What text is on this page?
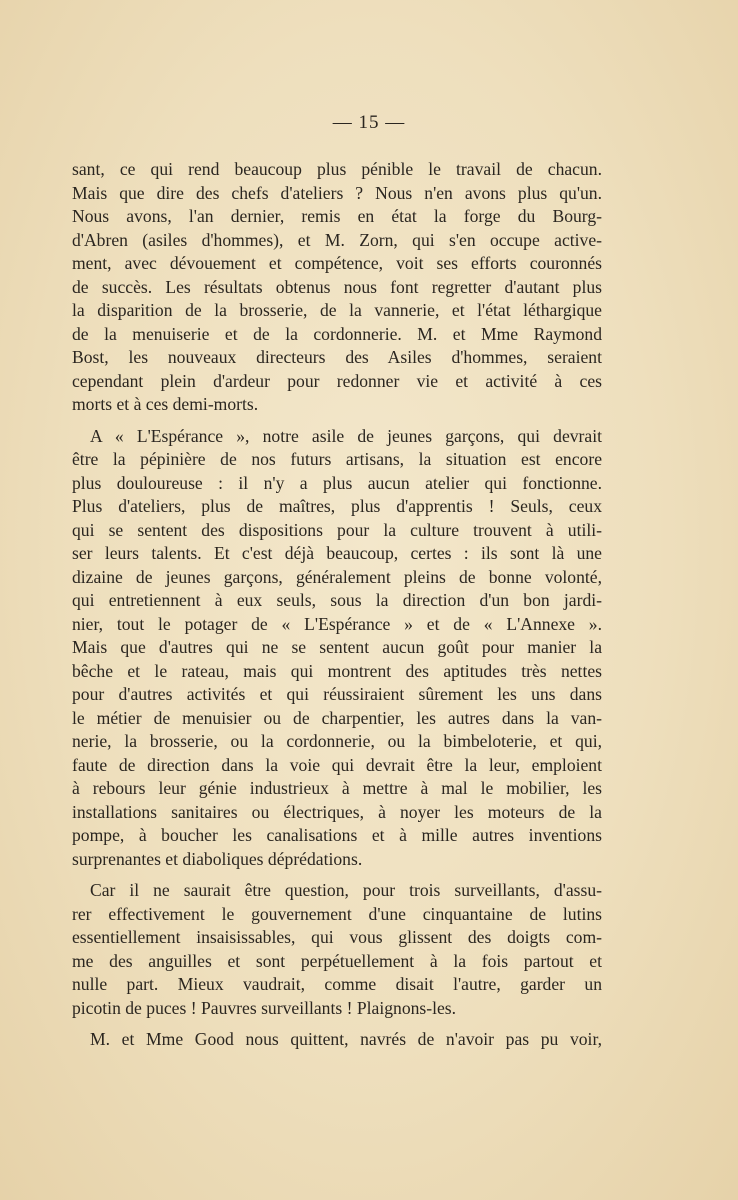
— 15 —
sant, ce qui rend beaucoup plus pénible le travail de chacun.
Mais que dire des chefs d'ateliers ? Nous n'en avons plus qu'un.
Nous avons, l'an dernier, remis en état la forge du Bourg-
d'Abren (asiles d'hommes), et M. Zorn, qui s'en occupe active-
ment, avec dévouement et compétence, voit ses efforts couronnés
de succès. Les résultats obtenus nous font regretter d'autant plus
la disparition de la brosserie, de la vannerie, et l'état léthargique
de la menuiserie et de la cordonnerie. M. et Mme Raymond
Bost, les nouveaux directeurs des Asiles d'hommes, seraient
cependant plein d'ardeur pour redonner vie et activité à ces
morts et à ces demi-morts.
A « L'Espérance », notre asile de jeunes garçons, qui devrait
être la pépinière de nos futurs artisans, la situation est encore
plus douloureuse : il n'y a plus aucun atelier qui fonctionne.
Plus d'ateliers, plus de maîtres, plus d'apprentis ! Seuls, ceux
qui se sentent des dispositions pour la culture trouvent à utili-
ser leurs talents. Et c'est déjà beaucoup, certes : ils sont là une
dizaine de jeunes garçons, généralement pleins de bonne volonté,
qui entretiennent à eux seuls, sous la direction d'un bon jardi-
nier, tout le potager de « L'Espérance » et de « L'Annexe ».
Mais que d'autres qui ne se sentent aucun goût pour manier la
bêche et le rateau, mais qui montrent des aptitudes très nettes
pour d'autres activités et qui réussiraient sûrement les uns dans
le métier de menuisier ou de charpentier, les autres dans la van-
nerie, la brosserie, ou la cordonnerie, ou la bimbeloterie, et qui,
faute de direction dans la voie qui devrait être la leur, emploient
à rebours leur génie industrieux à mettre à mal le mobilier, les
installations sanitaires ou électriques, à noyer les moteurs de la
pompe, à boucher les canalisations et à mille autres inventions
surprenantes et diaboliques déprédations.
Car il ne saurait être question, pour trois surveillants, d'assu-
rer effectivement le gouvernement d'une cinquantaine de lutins
essentiellement insaisissables, qui vous glissent des doigts com-
me des anguilles et sont perpétuellement à la fois partout et
nulle part. Mieux vaudrait, comme disait l'autre, garder un
picotin de puces ! Pauvres surveillants ! Plaignons-les.
M. et Mme Good nous quittent, navrés de n'avoir pas pu voir,
